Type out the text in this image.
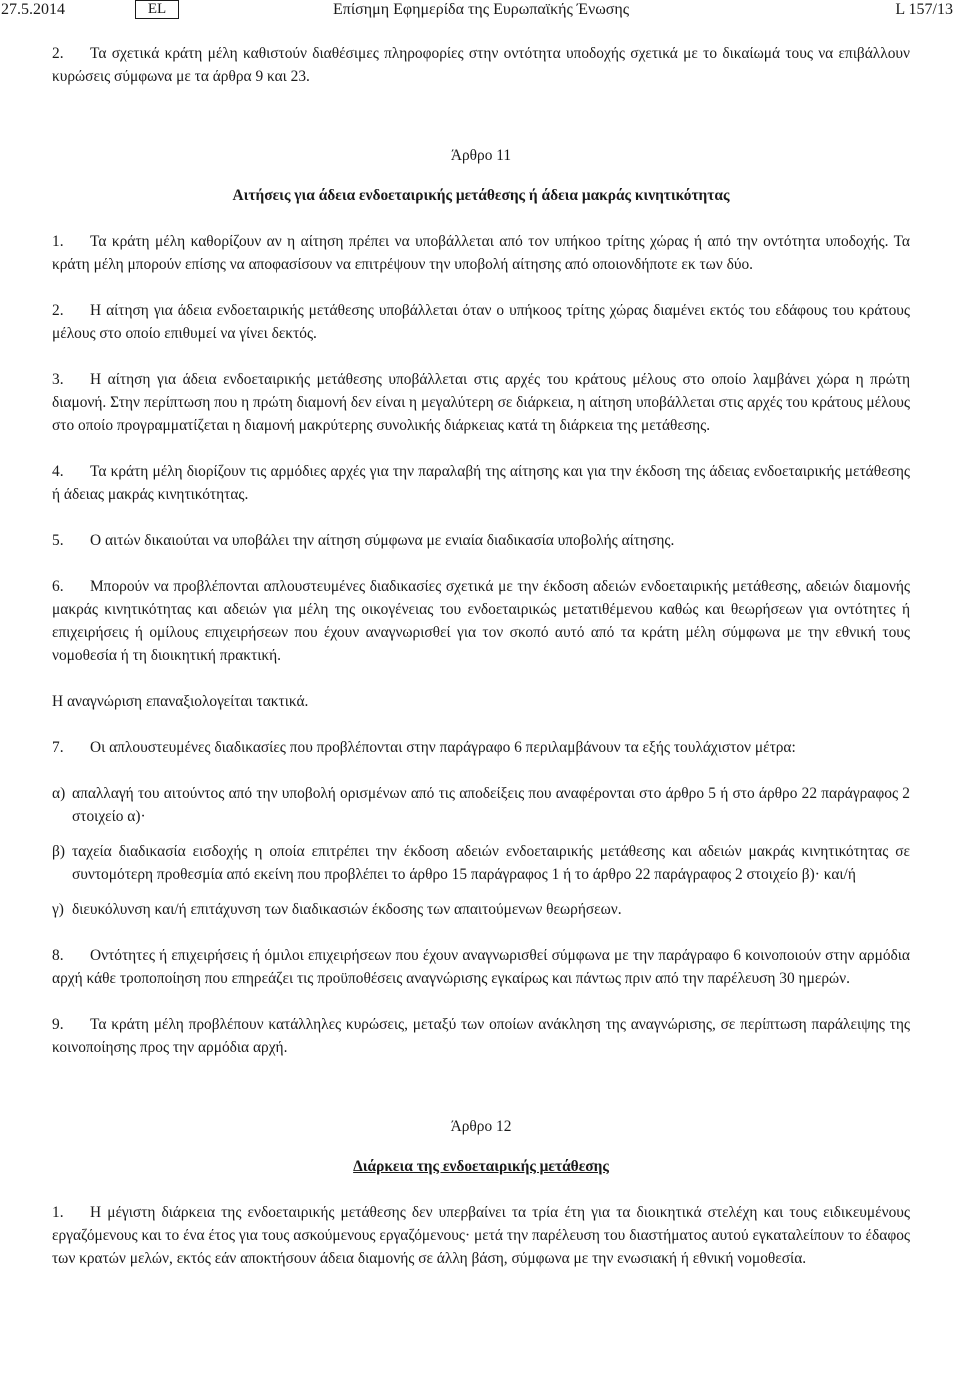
27.5.2014	EL	Επίσημη Εφημερίδα της Ευρωπαϊκής Ένωσης	L 157/13

2. Τα σχετικά κράτη μέλη καθιστούν διαθέσιμες πληροφορίες στην οντότητα υποδοχής σχετικά με το δικαίωμά τους να επιβάλλουν κυρώσεις σύμφωνα με τα άρθρα 9 και 23.

Άρθρο 11

Αιτήσεις για άδεια ενδοεταιρικής μετάθεσης ή άδεια μακράς κινητικότητας

1. Τα κράτη μέλη καθορίζουν αν η αίτηση πρέπει να υποβάλλεται από τον υπήκοο τρίτης χώρας ή από την οντότητα υποδοχής. Τα κράτη μέλη μπορούν επίσης να αποφασίσουν να επιτρέψουν την υποβολή αίτησης από οποιονδήποτε εκ των δύο.

2. Η αίτηση για άδεια ενδοεταιρικής μετάθεσης υποβάλλεται όταν ο υπήκοος τρίτης χώρας διαμένει εκτός του εδάφους του κράτους μέλους στο οποίο επιθυμεί να γίνει δεκτός.

3. Η αίτηση για άδεια ενδοεταιρικής μετάθεσης υποβάλλεται στις αρχές του κράτους μέλους στο οποίο λαμβάνει χώρα η πρώτη διαμονή. Στην περίπτωση που η πρώτη διαμονή δεν είναι η μεγαλύτερη σε διάρκεια, η αίτηση υποβάλλεται στις αρχές του κράτους μέλους στο οποίο προγραμματίζεται η διαμονή μακρύτερης συνολικής διάρκειας κατά τη διάρκεια της μετάθεσης.

4. Τα κράτη μέλη διορίζουν τις αρμόδιες αρχές για την παραλαβή της αίτησης και για την έκδοση της άδειας ενδοεταιρικής μετάθεσης ή άδειας μακράς κινητικότητας.

5. Ο αιτών δικαιούται να υποβάλει την αίτηση σύμφωνα με ενιαία διαδικασία υποβολής αίτησης.

6. Μπορούν να προβλέπονται απλουστευμένες διαδικασίες σχετικά με την έκδοση αδειών ενδοεταιρικής μετάθεσης, αδειών διαμονής μακράς κινητικότητας και αδειών για μέλη της οικογένειας του ενδοεταιρικώς μετατιθέμενου καθώς και θεωρήσεων για οντότητες ή επιχειρήσεις ή ομίλους επιχειρήσεων που έχουν αναγνωρισθεί για τον σκοπό αυτό από τα κράτη μέλη σύμφωνα με την εθνική τους νομοθεσία ή τη διοικητική πρακτική.

Η αναγνώριση επαναξιολογείται τακτικά.

7. Οι απλουστευμένες διαδικασίες που προβλέπονται στην παράγραφο 6 περιλαμβάνουν τα εξής τουλάχιστον μέτρα:

α) απαλλαγή του αιτούντος από την υποβολή ορισμένων από τις αποδείξεις που αναφέρονται στο άρθρο 5 ή στο άρθρο 22 παράγραφος 2 στοιχείο α)·

β) ταχεία διαδικασία εισδοχής η οποία επιτρέπει την έκδοση αδειών ενδοεταιρικής μετάθεσης και αδειών μακράς κινητικότητας σε συντομότερη προθεσμία από εκείνη που προβλέπει το άρθρο 15 παράγραφος 1 ή το άρθρο 22 παράγραφος 2 στοιχείο β)· και/ή

γ) διευκόλυνση και/ή επιτάχυνση των διαδικασιών έκδοσης των απαιτούμενων θεωρήσεων.

8. Οντότητες ή επιχειρήσεις ή όμιλοι επιχειρήσεων που έχουν αναγνωρισθεί σύμφωνα με την παράγραφο 6 κοινοποιούν στην αρμόδια αρχή κάθε τροποποίηση που επηρεάζει τις προϋποθέσεις αναγνώρισης εγκαίρως και πάντως πριν από την παρέλευση 30 ημερών.

9. Τα κράτη μέλη προβλέπουν κατάλληλες κυρώσεις, μεταξύ των οποίων ανάκληση της αναγνώρισης, σε περίπτωση παράλειψης της κοινοποίησης προς την αρμόδια αρχή.

Άρθρο 12

Διάρκεια της ενδοεταιρικής μετάθεσης

1. Η μέγιστη διάρκεια της ενδοεταιρικής μετάθεσης δεν υπερβαίνει τα τρία έτη για τα διοικητικά στελέχη και τους ειδικευμένους εργαζόμενους και το ένα έτος για τους ασκούμενους εργαζόμενους· μετά την παρέλευση του διαστήματος αυτού εγκαταλείπουν το έδαφος των κρατών μελών, εκτός εάν αποκτήσουν άδεια διαμονής σε άλλη βάση, σύμφωνα με την ενωσιακή ή εθνική νομοθεσία.
